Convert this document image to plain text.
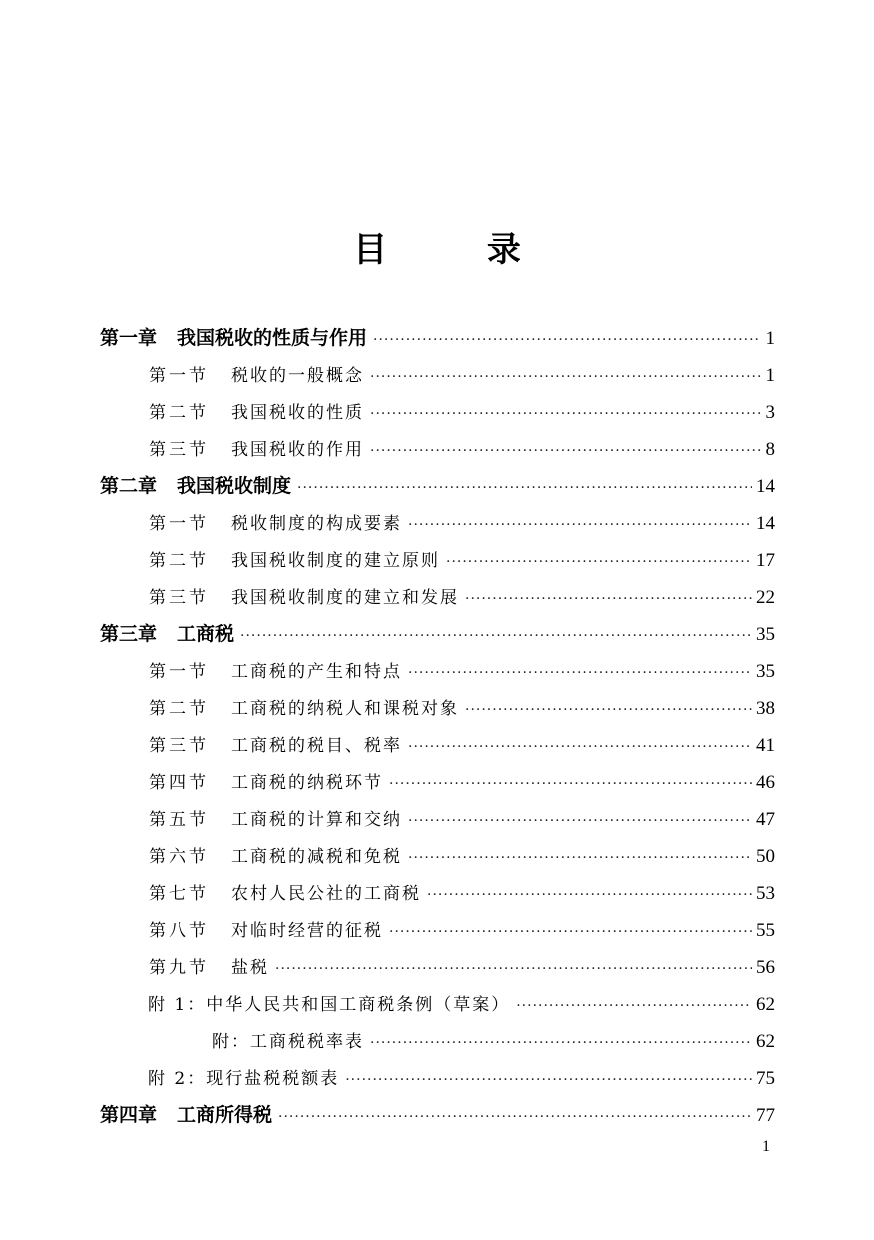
目 录
第一章 我国税收的性质与作用 ·····	1
第一节 税收的一般概念 ·····	1
第二节 我国税收的性质 ·····	3
第三节 我国税收的作用 ·····	8
第二章 我国税收制度 ·····	14
第一节 税收制度的构成要素 ·····	14
第二节 我国税收制度的建立原则 ·····	17
第三节 我国税收制度的建立和发展 ·····	22
第三章 工商税 ·····	35
第一节 工商税的产生和特点 ·····	35
第二节 工商税的纳税人和课税对象 ·····	38
第三节 工商税的税目、税率 ·····	41
第四节 工商税的纳税环节 ·····	46
第五节 工商税的计算和交纳 ·····	47
第六节 工商税的减税和免税 ·····	50
第七节 农村人民公社的工商税 ·····	53
第八节 对临时经营的征税 ·····	55
第九节 盐税 ·····	56
附 1：中华人民共和国工商税条例（草案） ·····	62
附：工商税税率表 ·····	62
附 2：现行盐税税额表 ·····	75
第四章 工商所得税 ·····	77
1
